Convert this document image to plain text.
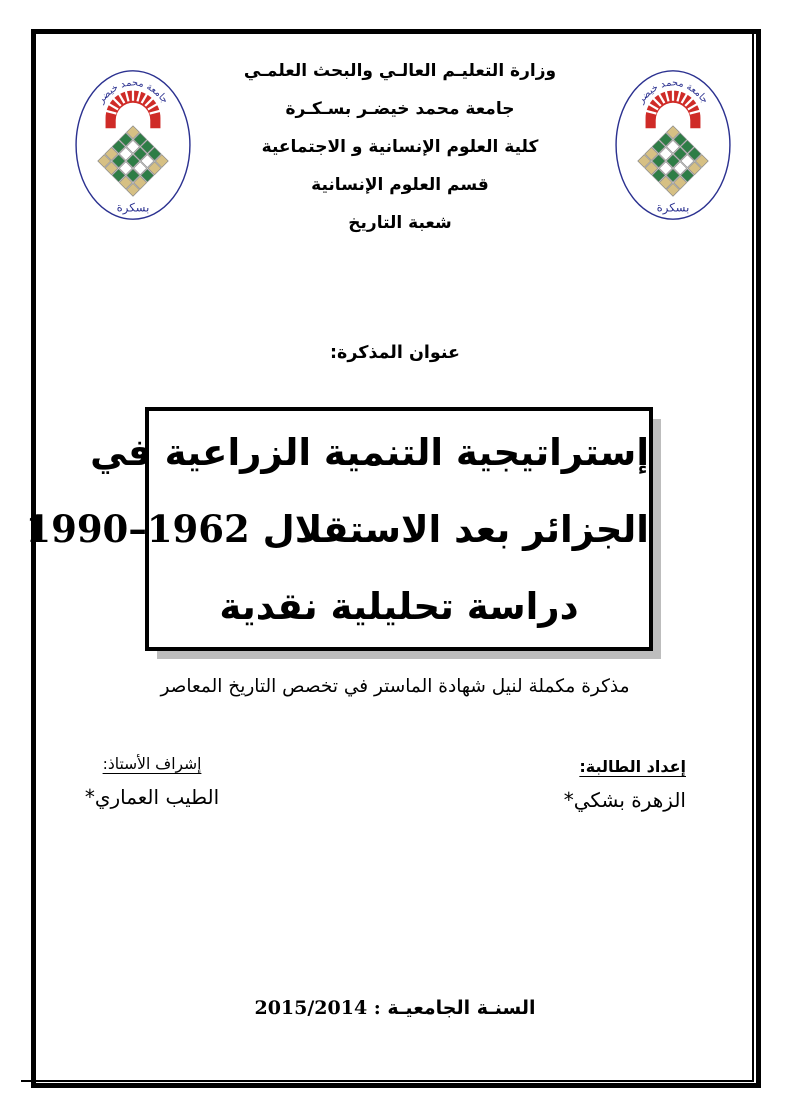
وزارة التعليـم العالـي والبحث العلمـي
جامعة محمد خيضـر بسـكـرة
كلية العلوم الإنسانية و الاجتماعية
قسم العلوم الإنسانية
شعبة التاريخ
عنوان المذكرة:
إستراتيجية التنمية الزراعية في
الجزائر بعد الاستقلال 1962–1990
دراسة تحليلية نقدية
مذكرة مكملة لنيل شهادة الماستر في تخصص التاريخ المعاصر
إعداد الطالبة:
الزهرة بشكي*
إشراف الأستاذ:
الطيب العماري*
السنـة الجامعيـة : 2015/2014
